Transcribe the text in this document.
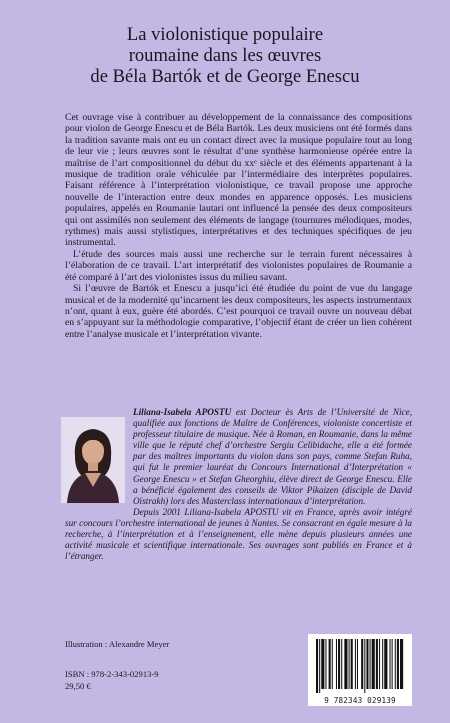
La violonistique populaire
roumaine dans les œuvres
de Béla Bartók et de George Enescu

Cet ouvrage vise à contribuer au développement de la connaissance des compositions pour violon de George Enescu et de Béla Bartók. Les deux musiciens ont été formés dans la tradition savante mais ont eu un contact direct avec la musique populaire tout au long de leur vie ; leurs œuvres sont le résultat d’une synthèse harmonieuse opérée entre la maîtrise de l’art compositionnel du début du xxᵉ siècle et des éléments appartenant à la musique de tradition orale véhiculée par l’intermédiaire des interprètes populaires. Faisant référence à l’interprétation violonistique, ce travail propose une approche nouvelle de l’interaction entre deux mondes en apparence opposés. Les musiciens populaires, appelés en Roumanie lautari ont influencé la pensée des deux compositeurs qui ont assimilés non seulement des éléments de langage (tournures mélodiques, modes, rythmes) mais aussi stylistiques, interprétatives et des techniques spécifiques de jeu instrumental.

L’étude des sources mais aussi une recherche sur le terrain furent nécessaires à l’élaboration de ce travail. L’art interprétatif des violonistes populaires de Roumanie a été comparé à l’art des violonistes issus du milieu savant.

Si l’œuvre de Bartók et Enescu a jusqu’ici été étudiée du point de vue du langage musical et de la modernité qu’incarnent les deux compositeurs, les aspects instrumentaux n’ont, quant à eux, guère été abordés. C’est pourquoi ce travail ouvre un nouveau débat en s’appuyant sur la méthodologie comparative, l’objectif étant de créer un lien cohérent entre l’analyse musicale et l’interprétation vivante.

Liliana-Isabela APOSTU est Docteur ès Arts de l’Université de Nice, qualifiée aux fonctions de Maître de Conférences, violoniste concertiste et professeur titulaire de musique. Née à Roman, en Roumanie, dans la même ville que le réputé chef d’orchestre Sergiu Celibidache, elle a été formée par des maîtres importants du violon dans son pays, comme Stefan Ruha, qui fut le premier lauréat du Concours International d’Interprétation « George Enescu » et Stefan Gheorghiu, élève direct de George Enescu. Elle a bénéficié également des conseils de Viktor Pikaizen (disciple de David Oïstrakh) lors des Masterclass internationaux d’interprétation.

Depuis 2001 Liliana-Isabela APOSTU vit en France, après avoir intégré sur concours l’orchestre international de jeunes à Nantes. Se consacrant en égale mesure à la recherche, à l’interprétation et à l’enseignement, elle mène depuis plusieurs années une activité musicale et scientifique internationale. Ses ouvrages sont publiés en France et à l’étranger.

Illustration : Alexandre Meyer
ISBN : 978-2-343-02913-9
29,50 €
9 782343 029139
